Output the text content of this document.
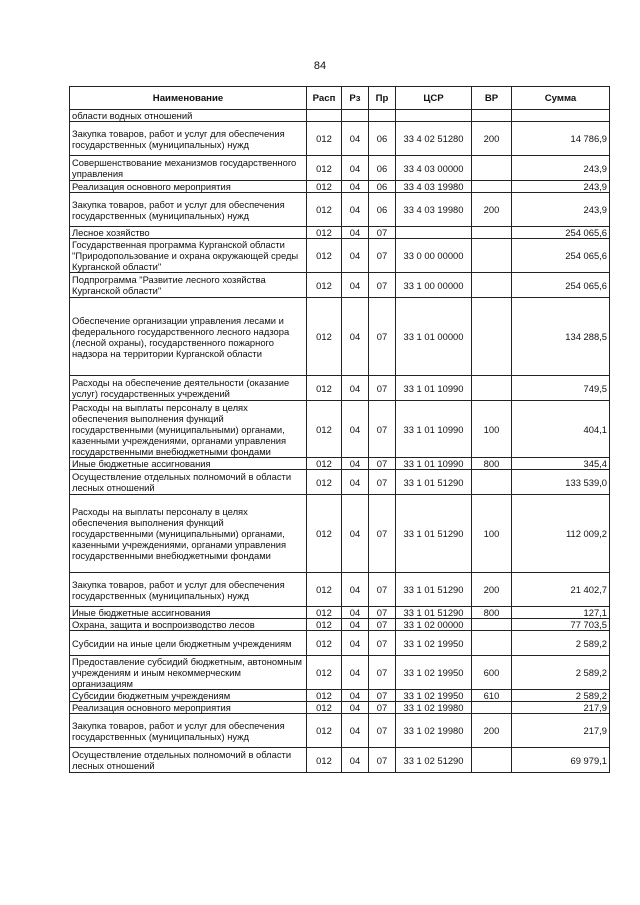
84
Наименование	Расп	Рз	Пр	ЦСР	ВР	Сумма
области водных отношений						
Закупка товаров, работ и услуг для обеспечения государственных (муниципальных) нужд	012	04	06	33 4 02 51280	200	14 786,9
Совершенствование механизмов государственного управления	012	04	06	33 4 03 00000		243,9
Реализация основного мероприятия	012	04	06	33 4 03 19980		243,9
Закупка товаров, работ и услуг для обеспечения государственных (муниципальных) нужд	012	04	06	33 4 03 19980	200	243,9
Лесное хозяйство	012	04	07			254 065,6
Государственная программа Курганской области "Природопользование и охрана окружающей среды Курганской области"	012	04	07	33 0 00 00000		254 065,6
Подпрограмма "Развитие лесного хозяйства Курганской области"	012	04	07	33 1 00 00000		254 065,6
Обеспечение организации управления лесами и федерального государственного лесного надзора (лесной охраны), государственного пожарного надзора на территории Курганской области	012	04	07	33 1 01 00000		134 288,5
Расходы на обеспечение деятельности (оказание услуг) государственных учреждений	012	04	07	33 1 01 10990		749,5
Расходы на выплаты персоналу в целях обеспечения выполнения функций государственными (муниципальными) органами, казенными учреждениями, органами управления государственными внебюджетными фондами	012	04	07	33 1 01 10990	100	404,1
Иные бюджетные ассигнования	012	04	07	33 1 01 10990	800	345,4
Осуществление отдельных полномочий в области лесных отношений	012	04	07	33 1 01 51290		133 539,0
Расходы на выплаты персоналу в целях обеспечения выполнения функций государственными (муниципальными) органами, казенными учреждениями, органами управления государственными внебюджетными фондами	012	04	07	33 1 01 51290	100	112 009,2
Закупка товаров, работ и услуг для обеспечения государственных (муниципальных) нужд	012	04	07	33 1 01 51290	200	21 402,7
Иные бюджетные ассигнования	012	04	07	33 1 01 51290	800	127,1
Охрана, защита и воспроизводство лесов	012	04	07	33 1 02 00000		77 703,5
Субсидии на иные цели бюджетным учреждениям	012	04	07	33 1 02 19950		2 589,2
Предоставление субсидий бюджетным, автономным учреждениям и иным некоммерческим организациям	012	04	07	33 1 02 19950	600	2 589,2
Субсидии бюджетным учреждениям	012	04	07	33 1 02 19950	610	2 589,2
Реализация основного мероприятия	012	04	07	33 1 02 19980		217,9
Закупка товаров, работ и услуг для обеспечения государственных (муниципальных) нужд	012	04	07	33 1 02 19980	200	217,9
Осуществление отдельных полномочий в области лесных отношений	012	04	07	33 1 02 51290		69 979,1
